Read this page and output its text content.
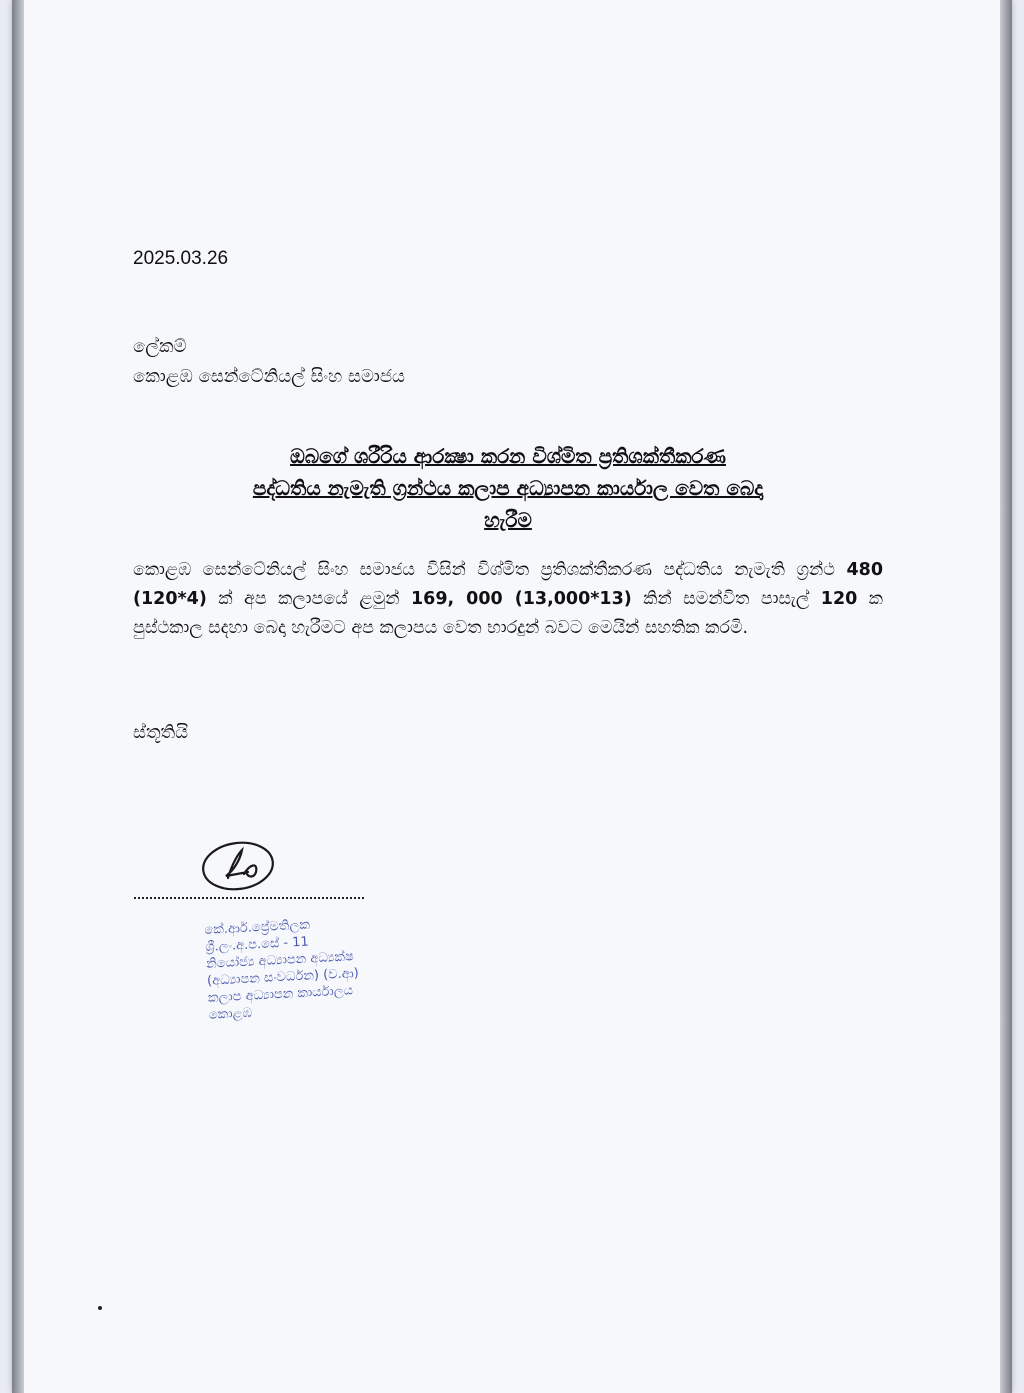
2025.03.26
ලේකම්
කොළඹ සෙන්ටේනියල් සිංහ සමාජය
ඔබගේ ශරීරිය ආරක්‍ෂා කරන විශ්මිත ප්‍රතිශක්තීකරණ
පද්ධතිය නැමැති ග්‍රන්ථය කලාප අධ්‍යාපන කාර්යාල වෙත බෙදා
හැරීම
කොළඹ සෙන්ටේනියල් සිංහ සමාජය විසින් විශ්මිත ප්‍රතිශක්තීකරණ පද්ධතිය නැමැති ග්‍රන්ථ 480 (120*4) ක් අප කලාපයේ ළමුන් 169, 000 (13,000*13) කින් සමන්විත පාසැල් 120 ක පුස්ථකාල සදහා බෙදා හැරීමට අප කලාපය වෙත භාරදුන් බවට මෙයින් සහතික කරමි.
ස්තූතියි
කේ.ආර්.ප්‍රේමතිලක
ශ්‍රී.ලං.අ.ප.සේ - 11
නියෝජ්‍ය අධ්‍යාපන අධ්‍යක්ෂ
(අධ්‍යාපන සංවර්ධන) (ව.ආ)
කලාප අධ්‍යාපන කාර්යාලය
කොළඹ
